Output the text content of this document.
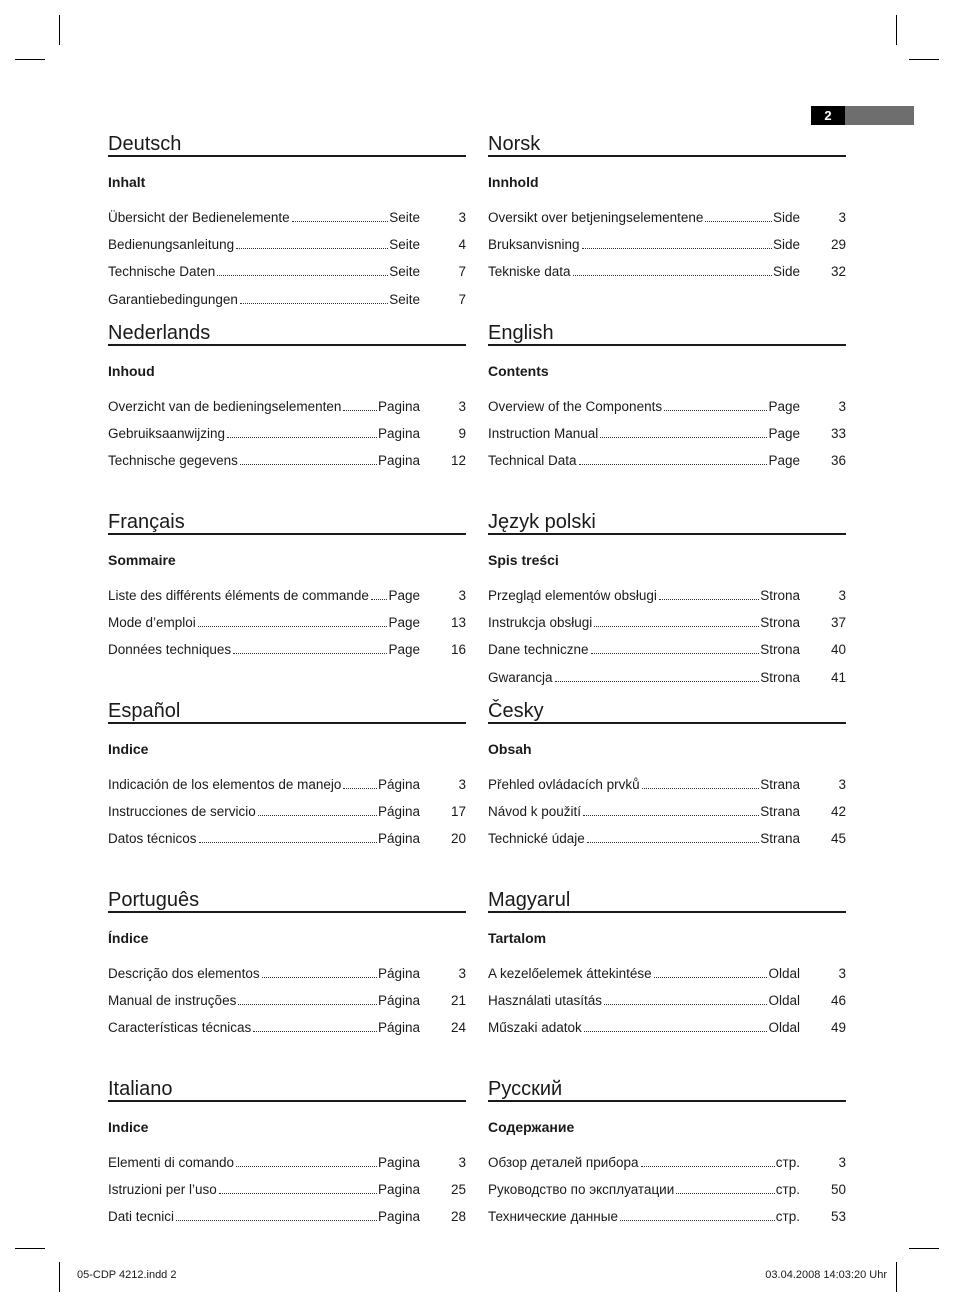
2
Deutsch
Inhalt
Übersicht der Bedienelemente	Seite	3
Bedienungsanleitung	Seite	4
Technische Daten	Seite	7
Garantiebedingungen	Seite	7
Norsk
Innhold
Oversikt over betjeningselementene	Side	3
Bruksanvisning	Side	29
Tekniske data	Side	32
Nederlands
Inhoud
Overzicht van de bedieningselementen	Pagina	3
Gebruiksaanwijzing	Pagina	9
Technische gegevens	Pagina	12
English
Contents
Overview of the Components	Page	3
Instruction Manual	Page	33
Technical Data	Page	36
Français
Sommaire
Liste des différents éléments de commande Page	3
Mode d’emploi	Page	13
Données techniques	Page	16
Język polski
Spis treści
Przegląd elementów obsługi	Strona	3
Instrukcja obsługi	Strona	37
Dane techniczne	Strona	40
Gwarancja	Strona	41
Español
Indice
Indicación de los elementos de manejo	Página	3
Instrucciones de servicio	Página	17
Datos técnicos	Página	20
Česky
Obsah
Přehled ovládacích prvků	Strana	3
Návod k použití	Strana	42
Technické údaje	Strana	45
Português
Índice
Descrição dos elementos	Página	3
Manual de instruções	Página	21
Características técnicas	Página	24
Magyarul
Tartalom
A kezelőelemek áttekintése	Oldal	3
Használati utasítás	Oldal	46
Műszaki adatok	Oldal	49
Italiano
Indice
Elementi di comando	Pagina	3
Istruzioni per l’uso	Pagina	25
Dati tecnici	Pagina	28
Русский
Содержание
Обзор деталей прибора	стр.	3
Руководство по эксплуатации	стр.	50
Технические данные	стр.	53
05-CDP 4212.indd 2	03.04.2008 14:03:20 Uhr
